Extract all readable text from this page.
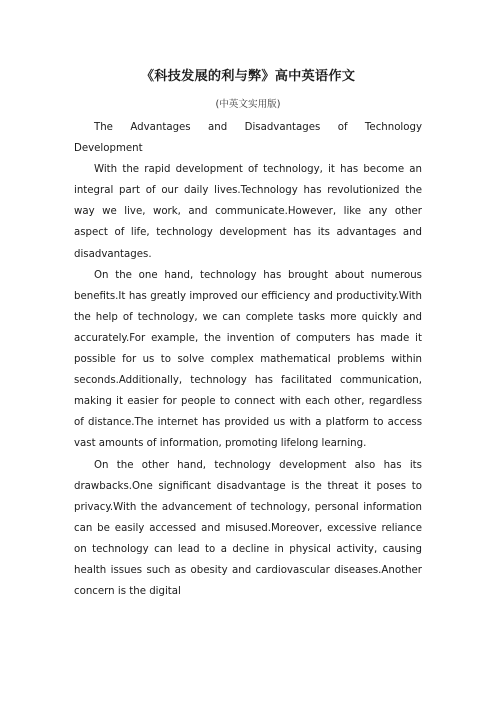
《科技发展的利与弊》高中英语作文
(中英文实用版)

The Advantages and Disadvantages of Technology Development

With the rapid development of technology, it has become an integral part of our daily lives.Technology has revolutionized the way we live, work, and communicate.However, like any other aspect of life, technology development has its advantages and disadvantages.

On the one hand, technology has brought about numerous benefits.It has greatly improved our efficiency and productivity.With the help of technology, we can complete tasks more quickly and accurately.For example, the invention of computers has made it possible for us to solve complex mathematical problems within seconds.Additionally, technology has facilitated communication, making it easier for people to connect with each other, regardless of distance.The internet has provided us with a platform to access vast amounts of information, promoting lifelong learning.

On the other hand, technology development also has its drawbacks.One significant disadvantage is the threat it poses to privacy.With the advancement of technology, personal information can be easily accessed and misused.Moreover, excessive reliance on technology can lead to a decline in physical activity, causing health issues such as obesity and cardiovascular diseases.Another concern is the digital
